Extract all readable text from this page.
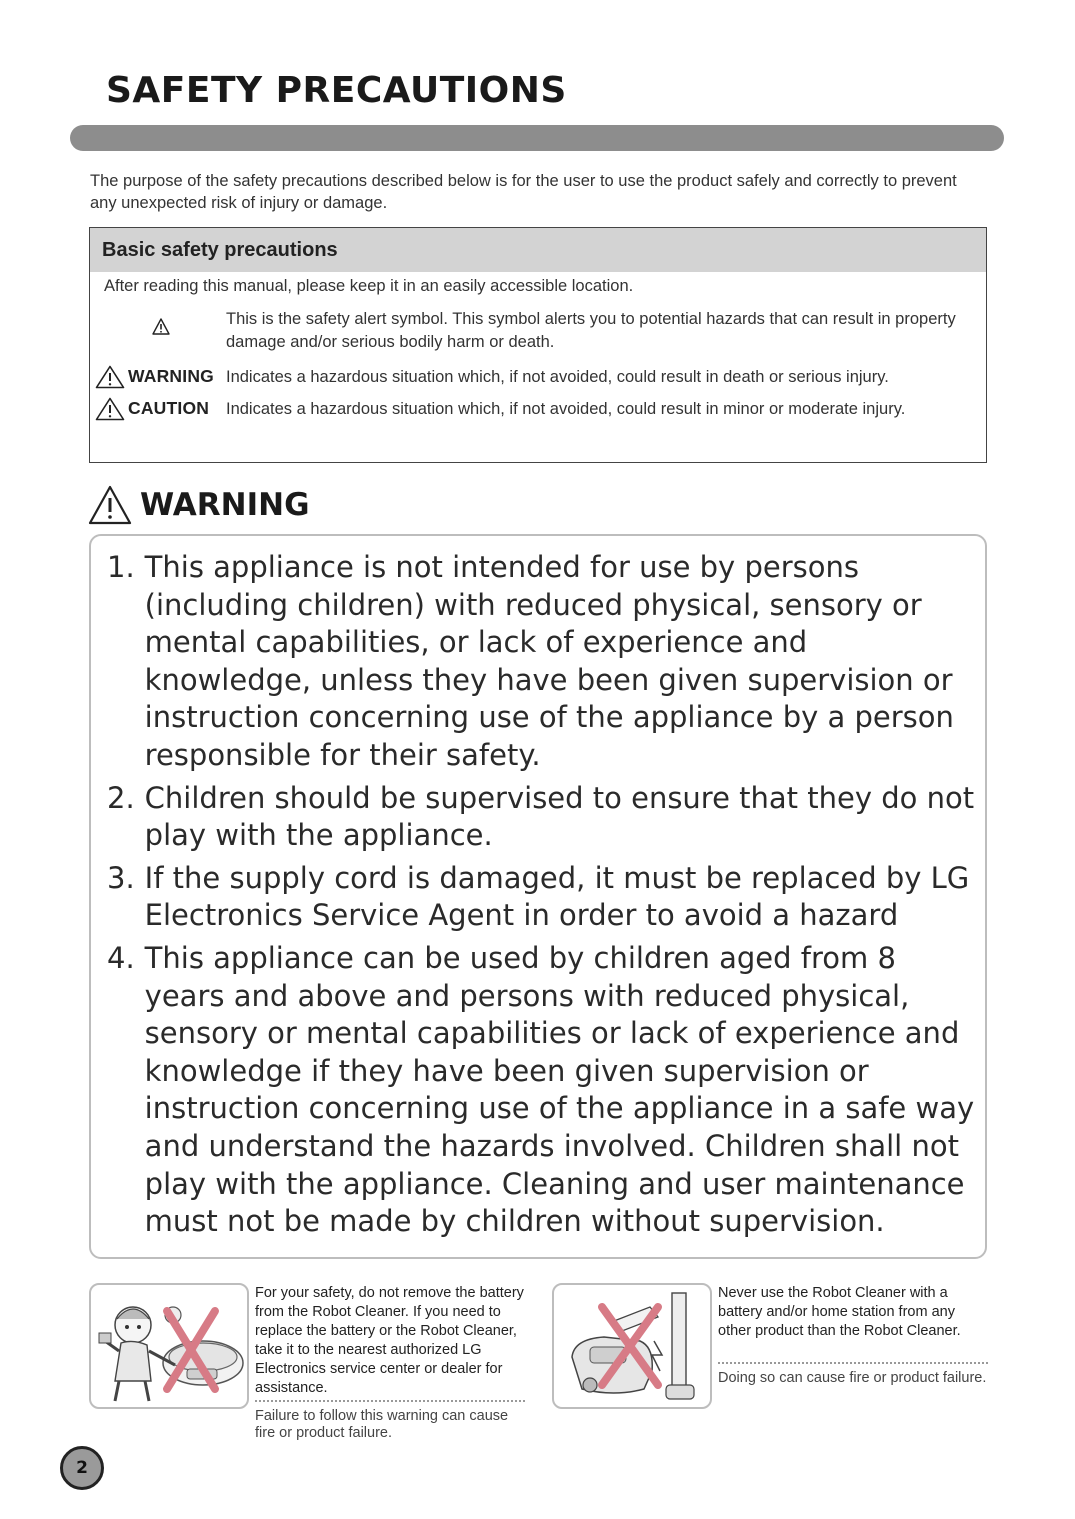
SAFETY PRECAUTIONS

The purpose of the safety precautions described below is for the user to use the product safely and correctly to prevent any unexpected risk of injury or damage.

Basic safety precautions
After reading this manual, please keep it in an easily accessible location.
This is the safety alert symbol. This symbol alerts you to potential hazards that can result in property damage and/or serious bodily harm or death.
WARNING Indicates a hazardous situation which, if not avoided, could result in death or serious injury.
CAUTION Indicates a hazardous situation which, if not avoided, could result in minor or moderate injury.
WARNING
1. This appliance is not intended for use by persons (including children) with reduced physical, sensory or mental capabilities, or lack of experience and knowledge, unless they have been given supervision or instruction concerning use of the appliance by a person responsible for their safety.
2. Children should be supervised to ensure that they do not play with the appliance.
3. If the supply cord is damaged, it must be replaced by LG Electronics Service Agent in order to avoid a hazard
4. This appliance can be used by children aged from 8 years and above and persons with reduced physical, sensory or mental capabilities or lack of experience and knowledge if they have been given supervision or instruction concerning use of the appliance in a safe way and understand the hazards involved. Children shall not play with the appliance. Cleaning and user maintenance must not be made by children without supervision.
For your safety, do not remove the battery from the Robot Cleaner. If you need to replace the battery or the Robot Cleaner, take it to the nearest authorized LG Electronics service center or dealer for assistance.
Failure to follow this warning can cause fire or product failure.
Never use the Robot Cleaner with a battery and/or home station from any other product than the Robot Cleaner.
Doing so can cause fire or product failure.
2
